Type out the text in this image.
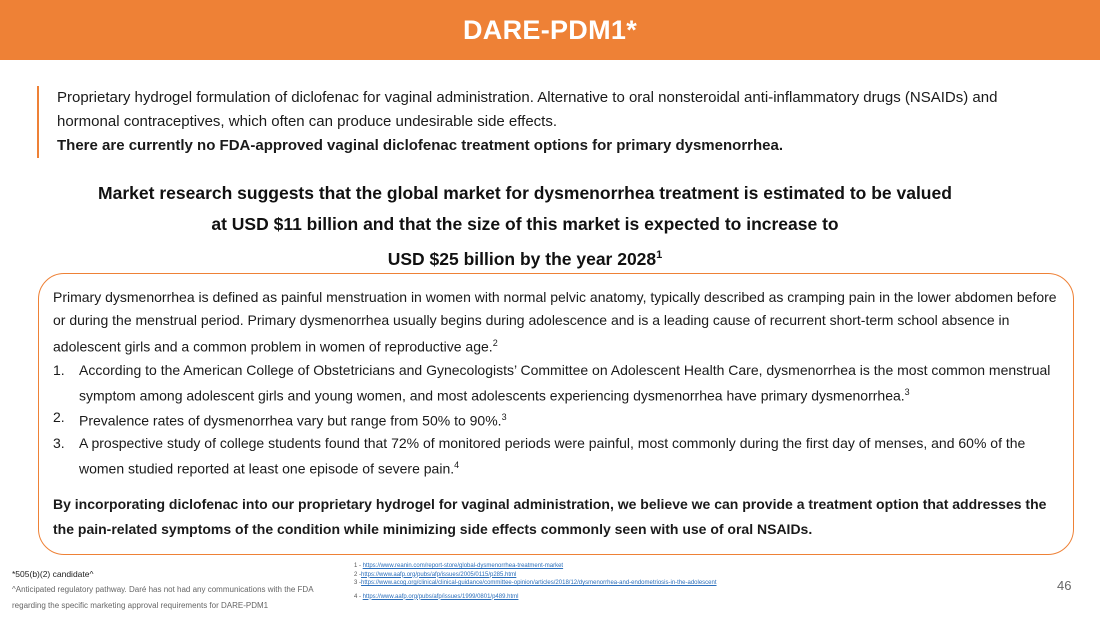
DARE-PDM1*

Proprietary hydrogel formulation of diclofenac for vaginal administration. Alternative to oral nonsteroidal anti-inflammatory drugs (NSAIDs) and hormonal contraceptives, which often can produce undesirable side effects.

There are currently no FDA-approved vaginal diclofenac treatment options for primary dysmenorrhea.

Market research suggests that the global market for dysmenorrhea treatment is estimated to be valued
at USD $11 billion and that the size of this market is expected to increase to
USD $25 billion by the year 2028$^1$

Primary dysmenorrhea is defined as painful menstruation in women with normal pelvic anatomy, typically described as cramping pain in the lower abdomen before or during the menstrual period. Primary dysmenorrhea usually begins during adolescence and is a leading cause of recurrent short-term school absence in adolescent girls and a common problem in women of reproductive age.$^2$

1.	According to the American College of Obstetricians and Gynecologists’ Committee on Adolescent Health Care, dysmenorrhea is the most common menstrual symptom among adolescent girls and young women, and most adolescents experiencing dysmenorrhea have primary dysmenorrhea.$^3$
2.	Prevalence rates of dysmenorrhea vary but range from 50% to 90%.$^3$
3.	A prospective study of college students found that 72% of monitored periods were painful, most commonly during the first day of menses, and 60% of the women studied reported at least one episode of severe pain.$^4$

By incorporating diclofenac into our proprietary hydrogel for vaginal administration, we believe we can provide a treatment option that addresses the the pain-related symptoms of the condition while minimizing side effects commonly seen with use of oral NSAIDs.

*505(b)(2) candidate^
^Anticipated regulatory pathway. Daré has not had any communications with the FDA regarding the specific marketing approval requirements for DARE-PDM1
1 - https://www.reanin.com/report-store/global-dysmenorrhea-treatment-market
2 -https://www.aafp.org/pubs/afp/issues/2005/0115/p285.html
3 -https://www.acog.org/clinical/clinical-guidance/committee-opinion/articles/2018/12/dysmenorrhea-and-endometriosis-in-the-adolescent
4 - https://www.aafp.org/pubs/afp/issues/1999/0801/p489.html
46
